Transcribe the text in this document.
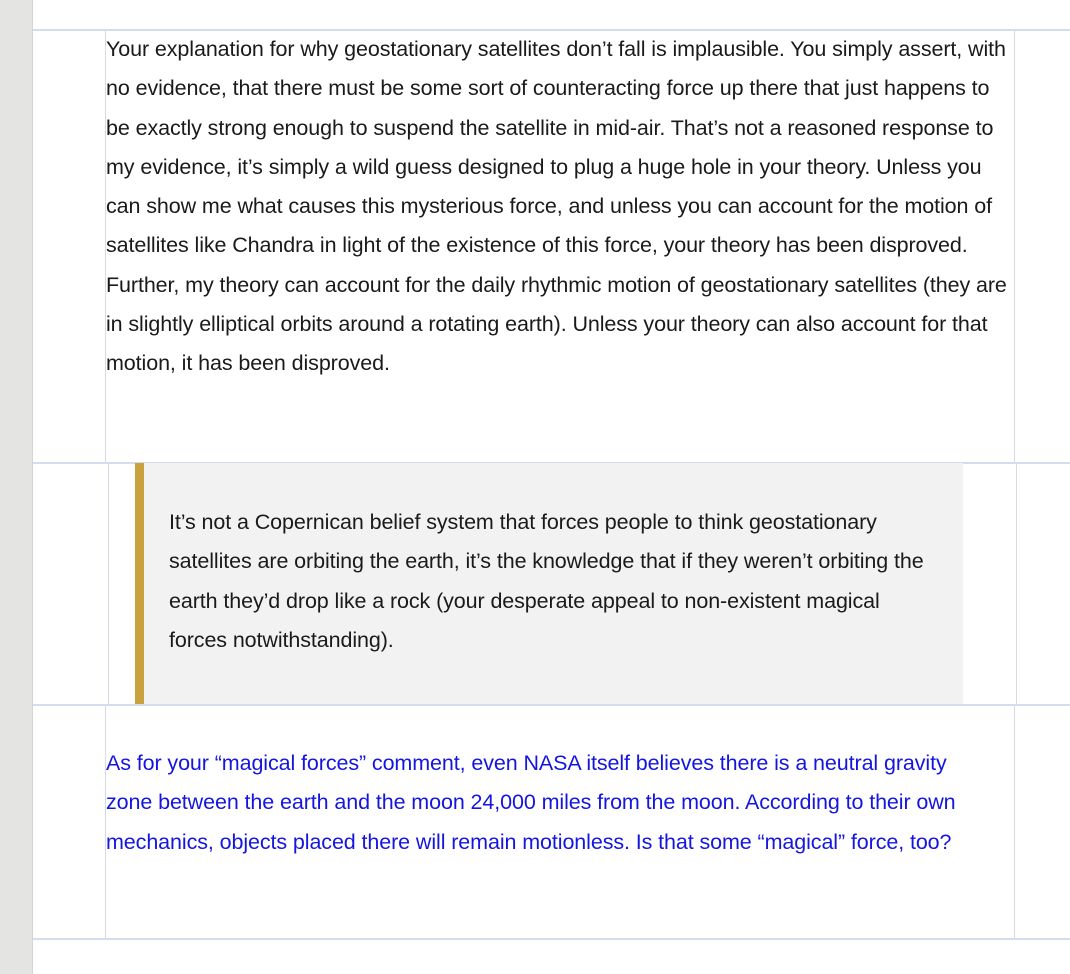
Your explanation for why geostationary satellites don’t fall is implausible. You simply assert, with no evidence, that there must be some sort of counteracting force up there that just happens to be exactly strong enough to suspend the satellite in mid-air. That’s not a reasoned response to my evidence, it’s simply a wild guess designed to plug a huge hole in your theory. Unless you can show me what causes this mysterious force, and unless you can account for the motion of satellites like Chandra in light of the existence of this force, your theory has been disproved. Further, my theory can account for the daily rhythmic motion of geostationary satellites (they are in slightly elliptical orbits around a rotating earth). Unless your theory can also account for that motion, it has been disproved.

It’s not a Copernican belief system that forces people to think geostationary satellites are orbiting the earth, it’s the knowledge that if they weren’t orbiting the earth they’d drop like a rock (your desperate appeal to non-existent magical forces notwithstanding).

As for your “magical forces” comment, even NASA itself believes there is a neutral gravity zone between the earth and the moon 24,000 miles from the moon. According to their own mechanics, objects placed there will remain motionless. Is that some “magical” force, too?
